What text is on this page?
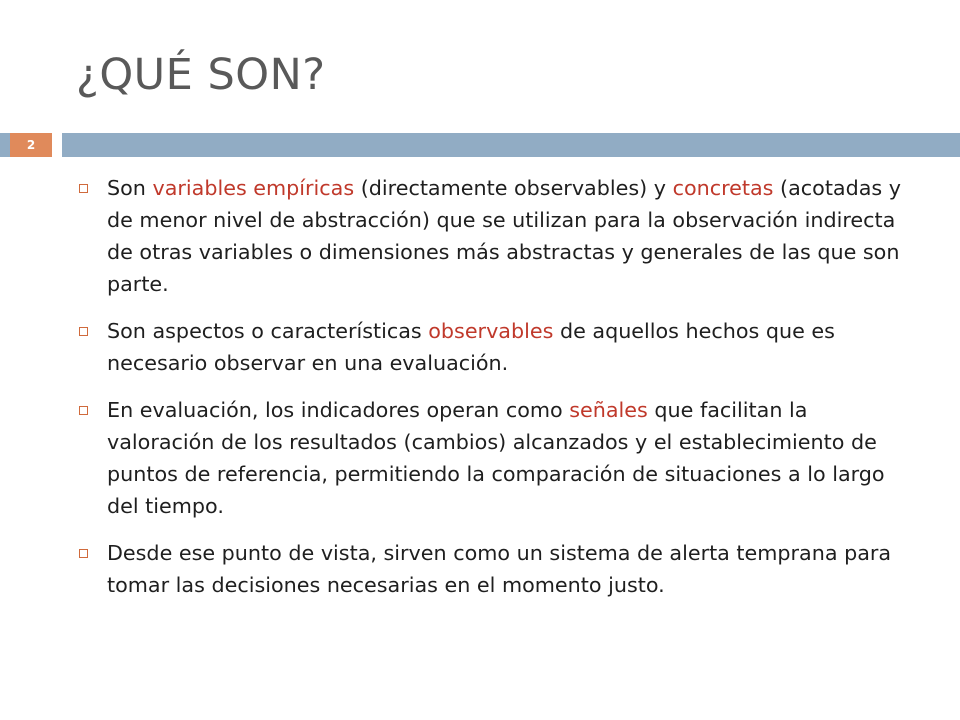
¿QUÉ SON?
2
Son variables empíricas (directamente observables) y concretas (acotadas y de menor nivel de abstracción) que se utilizan para la observación indirecta de otras variables o dimensiones más abstractas y generales de las que son parte.
Son aspectos o características observables de aquellos hechos que es necesario observar en una evaluación.
En evaluación, los indicadores operan como señales que facilitan la valoración de los resultados (cambios) alcanzados y el establecimiento de puntos de referencia, permitiendo la comparación de situaciones a lo largo del tiempo.
Desde ese punto de vista, sirven como un sistema de alerta temprana para tomar las decisiones necesarias en el momento justo.
